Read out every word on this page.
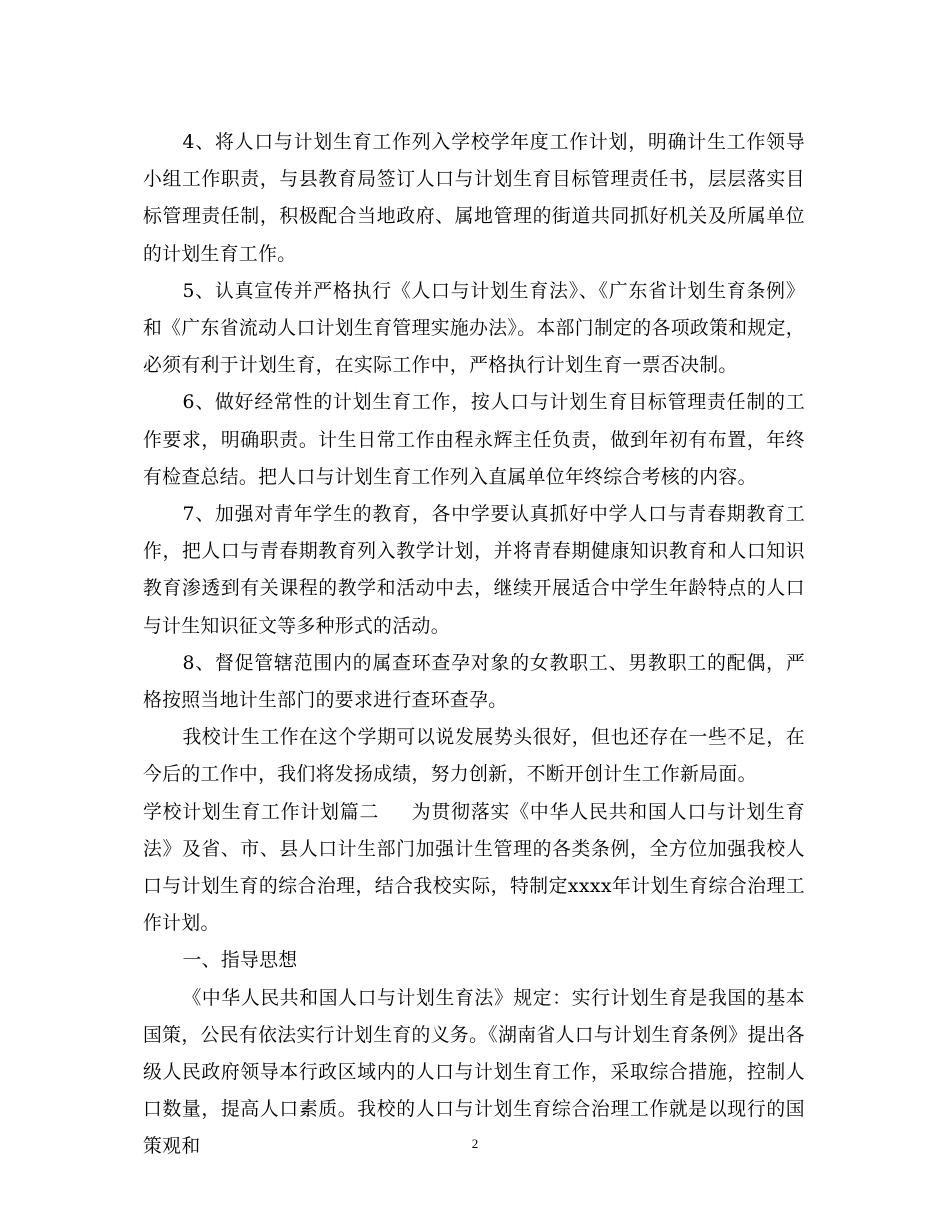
4、将人口与计划生育工作列入学校学年度工作计划，明确计生工作领导小组工作职责，与县教育局签订人口与计划生育目标管理责任书，层层落实目标管理责任制，积极配合当地政府、属地管理的街道共同抓好机关及所属单位的计划生育工作。

5、认真宣传并严格执行《人口与计划生育法》、《广东省计划生育条例》和《广东省流动人口计划生育管理实施办法》。本部门制定的各项政策和规定，必须有利于计划生育，在实际工作中，严格执行计划生育一票否决制。

6、做好经常性的计划生育工作，按人口与计划生育目标管理责任制的工作要求，明确职责。计生日常工作由程永辉主任负责，做到年初有布置，年终有检查总结。把人口与计划生育工作列入直属单位年终综合考核的内容。

7、加强对青年学生的教育，各中学要认真抓好中学人口与青春期教育工作，把人口与青春期教育列入教学计划，并将青春期健康知识教育和人口知识教育渗透到有关课程的教学和活动中去，继续开展适合中学生年龄特点的人口与计生知识征文等多种形式的活动。

8、督促管辖范围内的属查环查孕对象的女教职工、男教职工的配偶，严格按照当地计生部门的要求进行查环查孕。

我校计生工作在这个学期可以说发展势头很好，但也还存在一些不足，在今后的工作中，我们将发扬成绩，努力创新，不断开创计生工作新局面。

学校计划生育工作计划篇二 为贯彻落实《中华人民共和国人口与计划生育法》及省、市、县人口计生部门加强计生管理的各类条例，全方位加强我校人口与计划生育的综合治理，结合我校实际，特制定xxxx年计划生育综合治理工作计划。

一、指导思想

《中华人民共和国人口与计划生育法》规定：实行计划生育是我国的基本国策，公民有依法实行计划生育的义务。《湖南省人口与计划生育条例》提出各级人民政府领导本行政区域内的人口与计划生育工作，采取综合措施，控制人口数量，提高人口素质。我校的人口与计划生育综合治理工作就是以现行的国策观和	2
